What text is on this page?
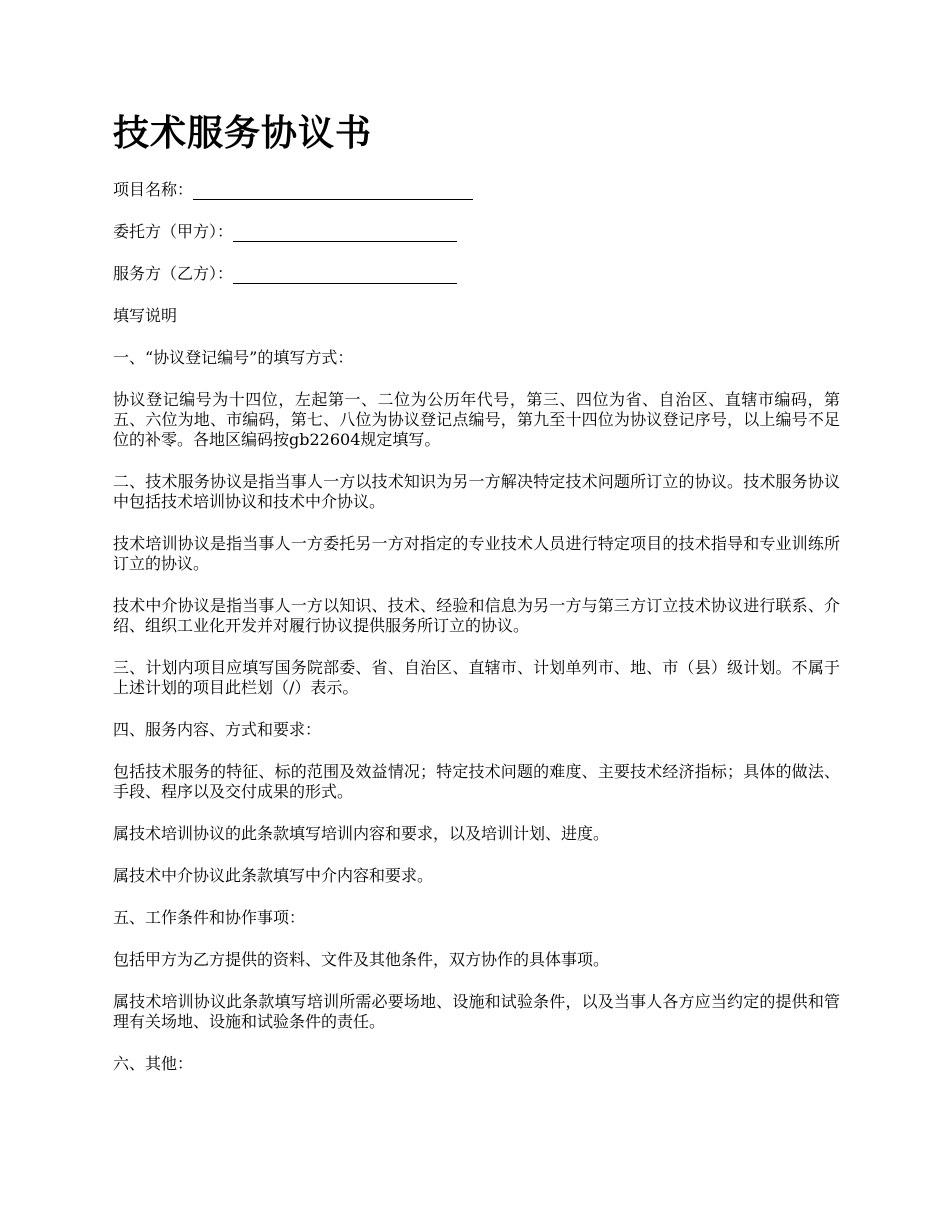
技术服务协议书
项目名称：
委托方（甲方）：
服务方（乙方）：

填写说明

一、“协议登记编号”的填写方式：

协议登记编号为十四位，左起第一、二位为公历年代号，第三、四位为省、自治区、直辖市编码，第五、六位为地、市编码，第七、八位为协议登记点编号，第九至十四位为协议登记序号，以上编号不足位的补零。各地区编码按gb22604规定填写。

二、技术服务协议是指当事人一方以技术知识为另一方解决特定技术问题所订立的协议。技术服务协议中包括技术培训协议和技术中介协议。

技术培训协议是指当事人一方委托另一方对指定的专业技术人员进行特定项目的技术指导和专业训练所订立的协议。

技术中介协议是指当事人一方以知识、技术、经验和信息为另一方与第三方订立技术协议进行联系、介绍、组织工业化开发并对履行协议提供服务所订立的协议。

三、计划内项目应填写国务院部委、省、自治区、直辖市、计划单列市、地、市（县）级计划。不属于上述计划的项目此栏划（/）表示。

四、服务内容、方式和要求：

包括技术服务的特征、标的范围及效益情况；特定技术问题的难度、主要技术经济指标；具体的做法、手段、程序以及交付成果的形式。

属技术培训协议的此条款填写培训内容和要求，以及培训计划、进度。

属技术中介协议此条款填写中介内容和要求。

五、工作条件和协作事项：

包括甲方为乙方提供的资料、文件及其他条件，双方协作的具体事项。

属技术培训协议此条款填写培训所需必要场地、设施和试验条件，以及当事人各方应当约定的提供和管理有关场地、设施和试验条件的责任。

六、其他：
